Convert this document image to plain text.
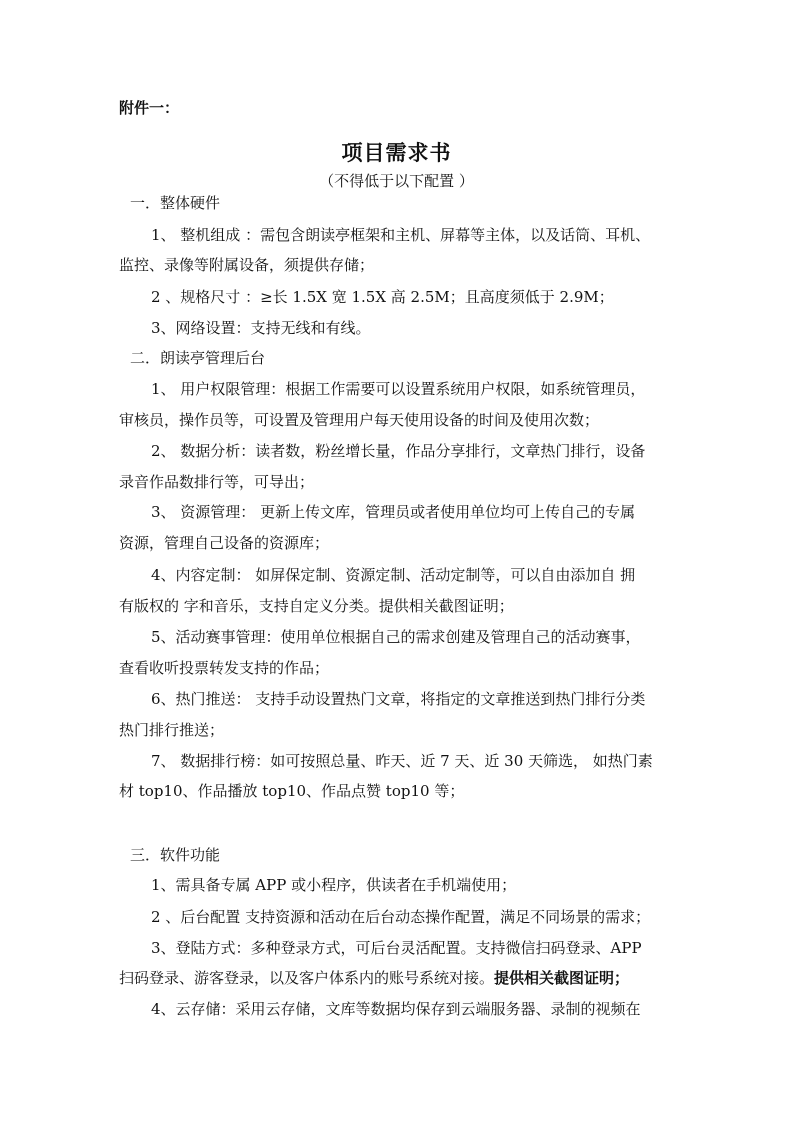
附件一：
项目需求书
（不得低于以下配置 ）
一．整体硬件
1、 整机组成 ：需包含朗读亭框架和主机、屏幕等主体，以及话筒、耳机、
监控、录像等附属设备，须提供存储；
2 、规格尺寸 ：≥长 1.5X 宽 1.5X 高 2.5M；且高度须低于 2.9M；
3、网络设置：支持无线和有线。
二．朗读亭管理后台
1、 用户权限管理：根据工作需要可以设置系统用户权限，如系统管理员，
审核员，操作员等，可设置及管理用户每天使用设备的时间及使用次数；
2、 数据分析：读者数，粉丝增长量，作品分享排行，文章热门排行，设备
录音作品数排行等，可导出；
3、 资源管理： 更新上传文库，管理员或者使用单位均可上传自己的专属
资源，管理自己设备的资源库；
4、内容定制： 如屏保定制、资源定制、活动定制等，可以自由添加自 拥
有版权的 字和音乐，支持自定义分类。提供相关截图证明；
5、活动赛事管理：使用单位根据自己的需求创建及管理自己的活动赛事，
查看收听投票转发支持的作品；
6、热门推送： 支持手动设置热门文章，将指定的文章推送到热门排行分类
热门排行推送；
7、 数据排行榜：如可按照总量、昨天、近 7 天、近 30 天筛选， 如热门素
材 top10、作品播放 top10、作品点赞 top10 等；
三．软件功能
1、需具备专属 APP 或小程序，供读者在手机端使用；
2 、后台配置 支持资源和活动在后台动态操作配置，满足不同场景的需求；
3、登陆方式：多种登录方式，可后台灵活配置。支持微信扫码登录、APP
扫码登录、游客登录，以及客户体系内的账号系统对接。提供相关截图证明；
4、云存储：采用云存储，文库等数据均保存到云端服务器、录制的视频在
